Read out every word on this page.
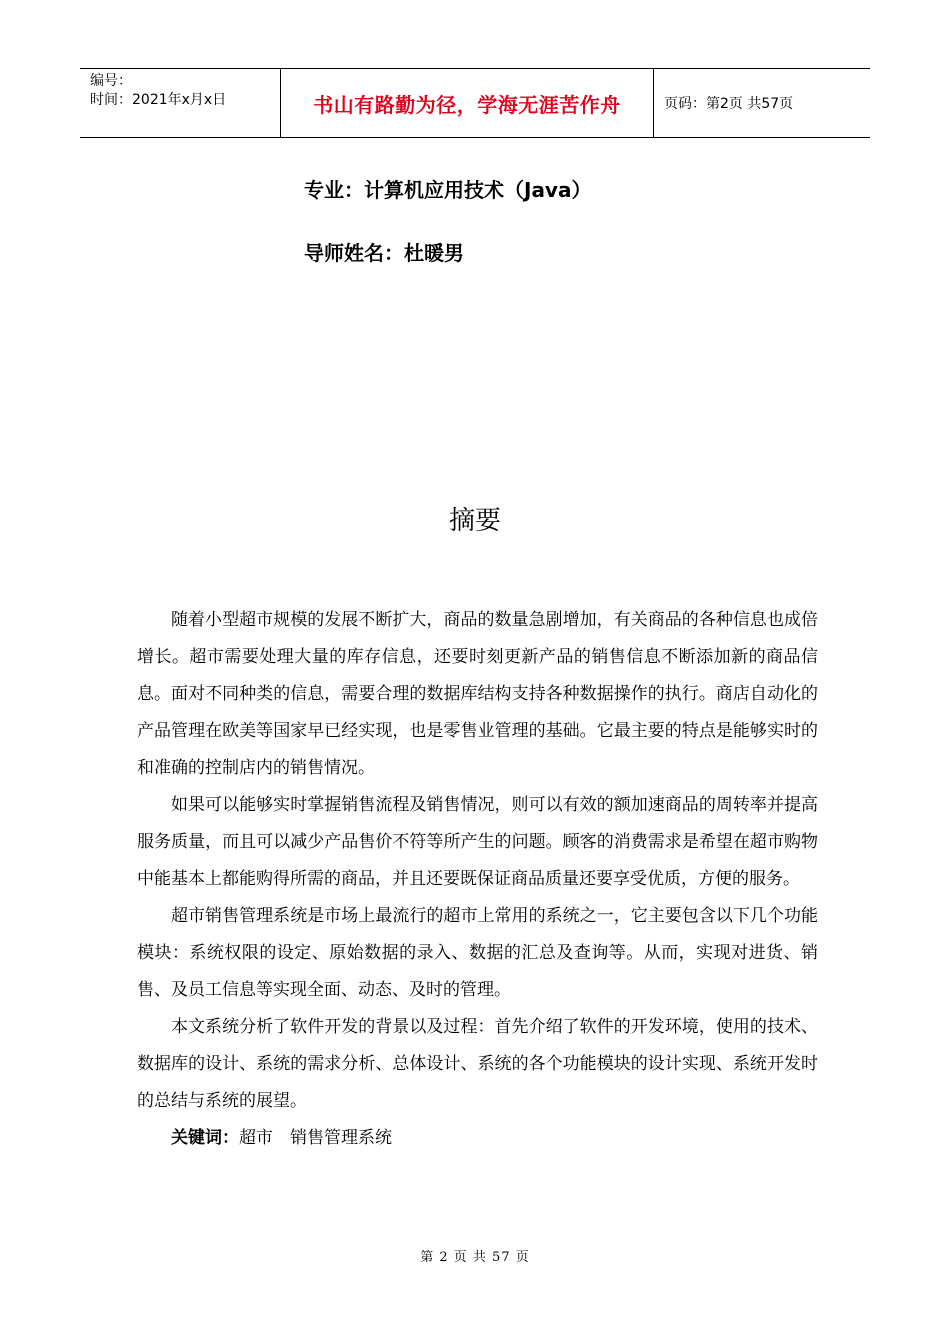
编号：
时间：2021年x月x日	书山有路勤为径，学海无涯苦作舟	页码：第2页 共57页
专业：计算机应用技术（Java）
导师姓名：杜暖男
摘要

随着小型超市规模的发展不断扩大，商品的数量急剧增加，有关商品的各种信息也成倍增长。超市需要处理大量的库存信息，还要时刻更新产品的销售信息不断添加新的商品信息。面对不同种类的信息，需要合理的数据库结构支持各种数据操作的执行。商店自动化的产品管理在欧美等国家早已经实现，也是零售业管理的基础。它最主要的特点是能够实时的和准确的控制店内的销售情况。

如果可以能够实时掌握销售流程及销售情况，则可以有效的额加速商品的周转率并提高服务质量，而且可以减少产品售价不符等所产生的问题。顾客的消费需求是希望在超市购物中能基本上都能购得所需的商品，并且还要既保证商品质量还要享受优质，方便的服务。

超市销售管理系统是市场上最流行的超市上常用的系统之一，它主要包含以下几个功能模块：系统权限的设定、原始数据的录入、数据的汇总及查询等。从而，实现对进货、销售、及员工信息等实现全面、动态、及时的管理。

本文系统分析了软件开发的背景以及过程：首先介绍了软件的开发环境，使用的技术、数据库的设计、系统的需求分析、总体设计、系统的各个功能模块的设计实现、系统开发时的总结与系统的展望。

关键词：超市　销售管理系统

第 2 页 共 57 页
